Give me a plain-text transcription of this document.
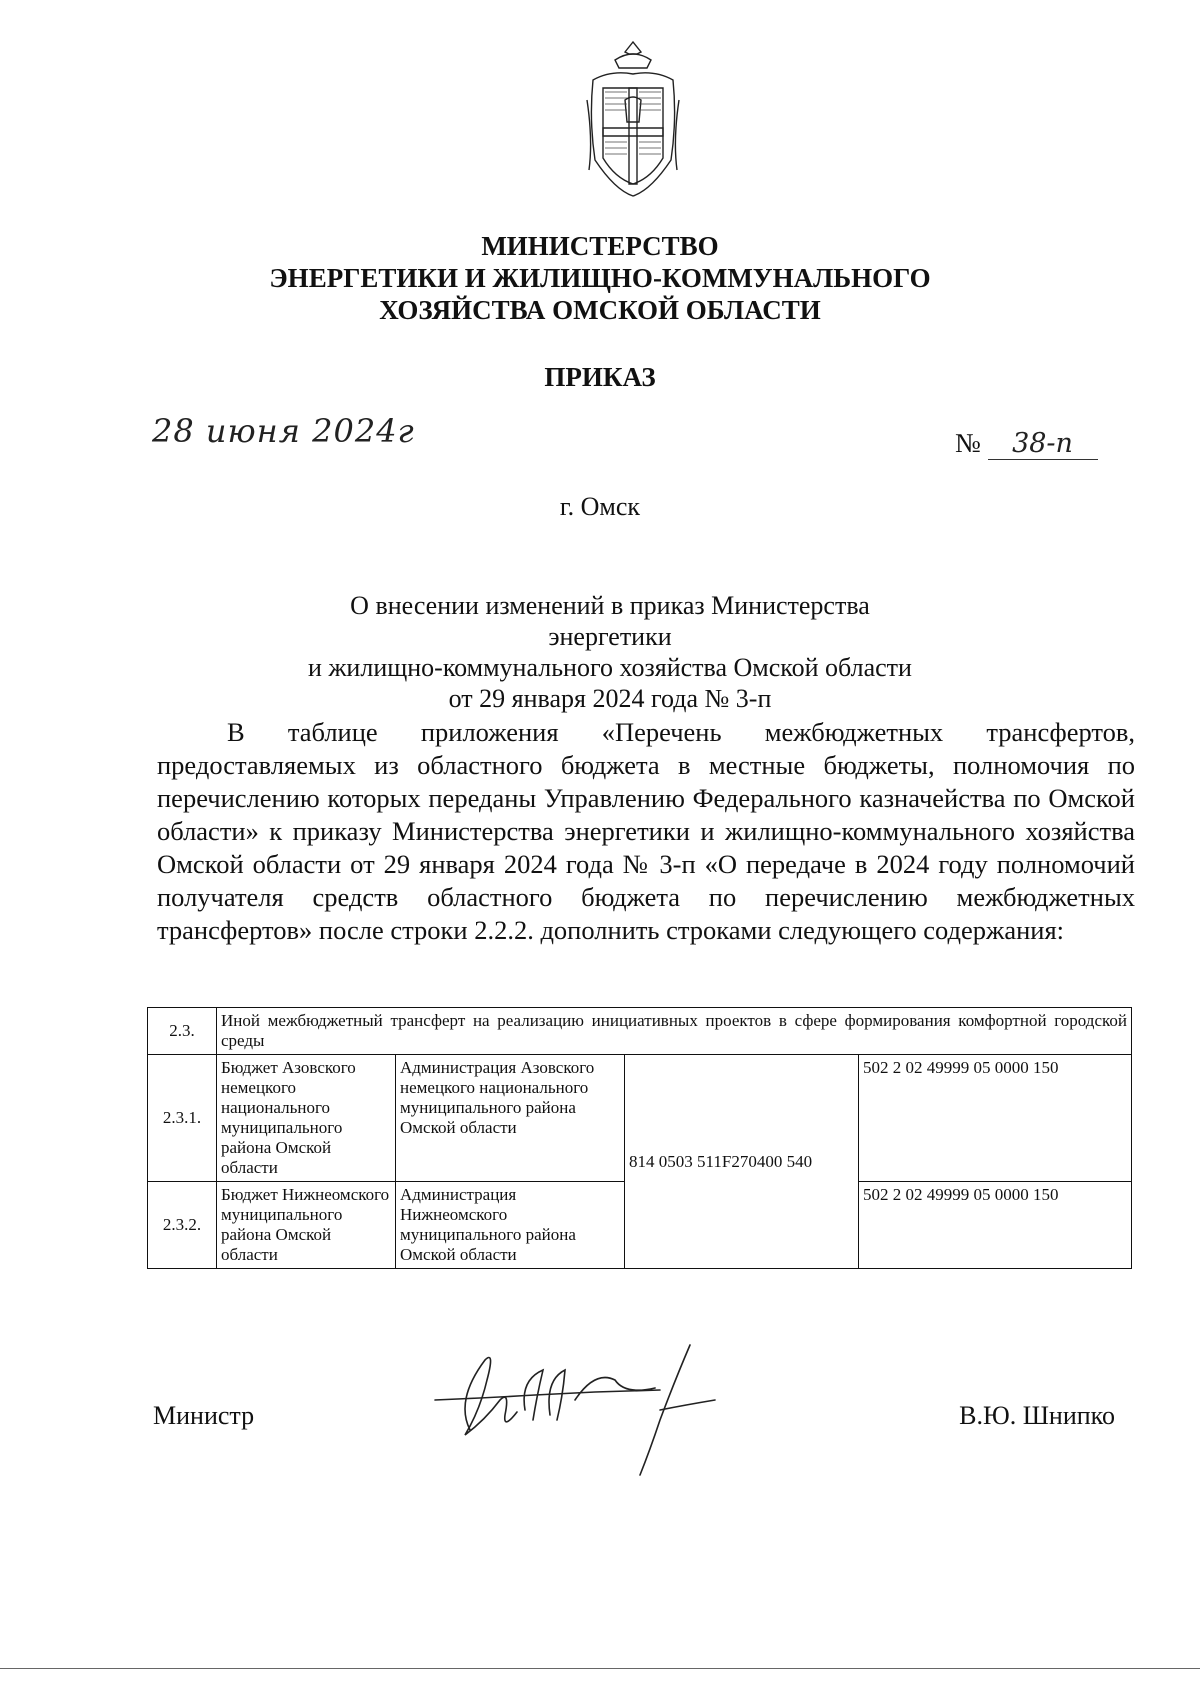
МИНИСТЕРСТВО
ЭНЕРГЕТИКИ И ЖИЛИЩНО-КОММУНАЛЬНОГО
ХОЗЯЙСТВА ОМСКОЙ ОБЛАСТИ
ПРИКАЗ
28 июня 2024г	№ 38-п
г. Омск
О внесении изменений в приказ Министерства энергетики
и жилищно-коммунального хозяйства Омской области
от 29 января 2024 года № 3-п
В таблице приложения «Перечень межбюджетных трансфертов, предоставляемых из областного бюджета в местные бюджеты, полномочия по перечислению которых переданы Управлению Федерального казначейства по Омской области» к приказу Министерства энергетики и жилищно-коммунального хозяйства Омской области от 29 января 2024 года № 3-п «О передаче в 2024 году полномочий получателя средств областного бюджета по перечислению межбюджетных трансфертов» после строки 2.2.2. дополнить строками следующего содержания:
2.3.	Иной межбюджетный трансферт на реализацию инициативных проектов в сфере формирования комфортной городской среды			
2.3.1.	Бюджет Азовского немецкого национального муниципального района Омской области	Администрация Азовского немецкого национального муниципального района Омской области	814 0503 511F270400 540	502 2 02 49999 05 0000 150
2.3.2.	Бюджет Нижнеомского муниципального района Омской области	Администрация Нижнеомского муниципального района Омской области		502 2 02 49999 05 0000 150
Министр	В.Ю. Шнипко
